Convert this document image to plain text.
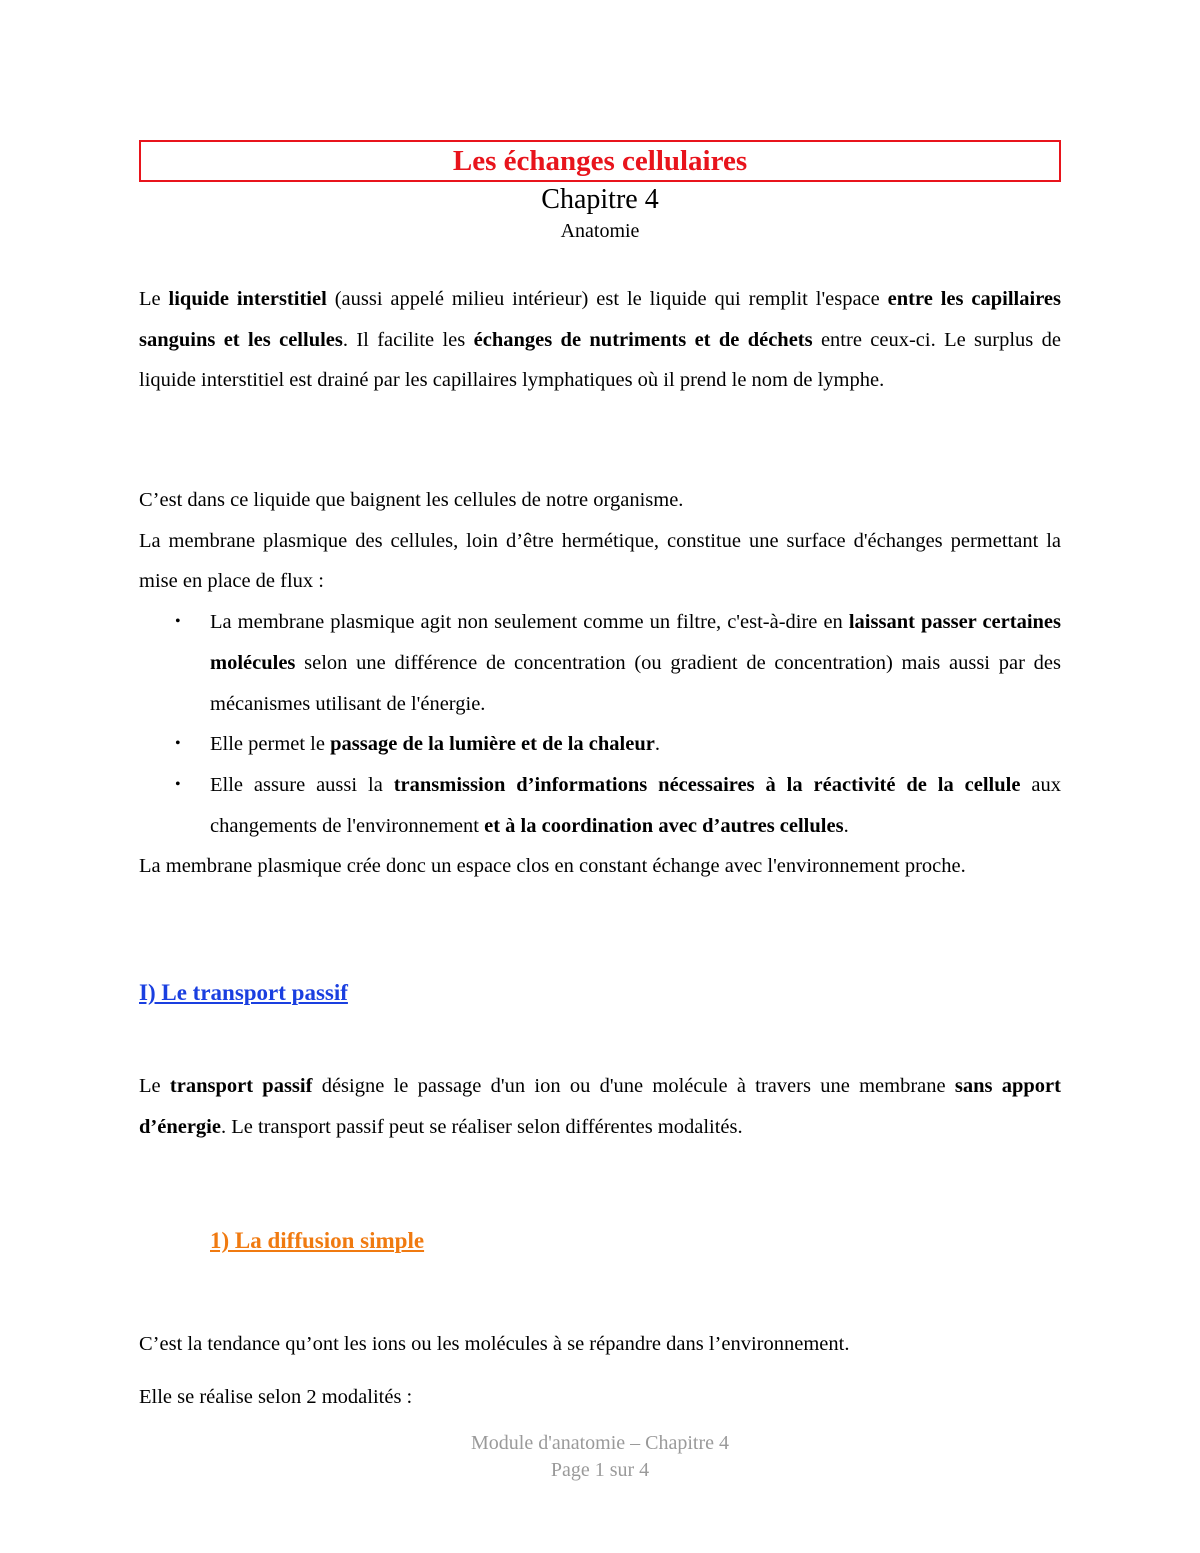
Les échanges cellulaires
Chapitre 4
Anatomie

Le liquide interstitiel (aussi appelé milieu intérieur) est le liquide qui remplit l'espace entre les capillaires sanguins et les cellules. Il facilite les échanges de nutriments et de déchets entre ceux-ci. Le surplus de liquide interstitiel est drainé par les capillaires lymphatiques où il prend le nom de lymphe.

C’est dans ce liquide que baignent les cellules de notre organisme.

La membrane plasmique des cellules, loin d’être hermétique, constitue une surface d'échanges permettant la mise en place de flux :

• La membrane plasmique agit non seulement comme un filtre, c'est-à-dire en laissant passer certaines molécules selon une différence de concentration (ou gradient de concentration) mais aussi par des mécanismes utilisant de l'énergie.
• Elle permet le passage de la lumière et de la chaleur.
• Elle assure aussi la transmission d’informations nécessaires à la réactivité de la cellule aux changements de l'environnement et à la coordination avec d’autres cellules.

La membrane plasmique crée donc un espace clos en constant échange avec l'environnement proche.

I) Le transport passif

Le transport passif désigne le passage d'un ion ou d'une molécule à travers une membrane sans apport d’énergie. Le transport passif peut se réaliser selon différentes modalités.

1) La diffusion simple
C’est la tendance qu’ont les ions ou les molécules à se répandre dans l’environnement.
Elle se réalise selon 2 modalités :
Module d'anatomie – Chapitre 4
Page 1 sur 4
